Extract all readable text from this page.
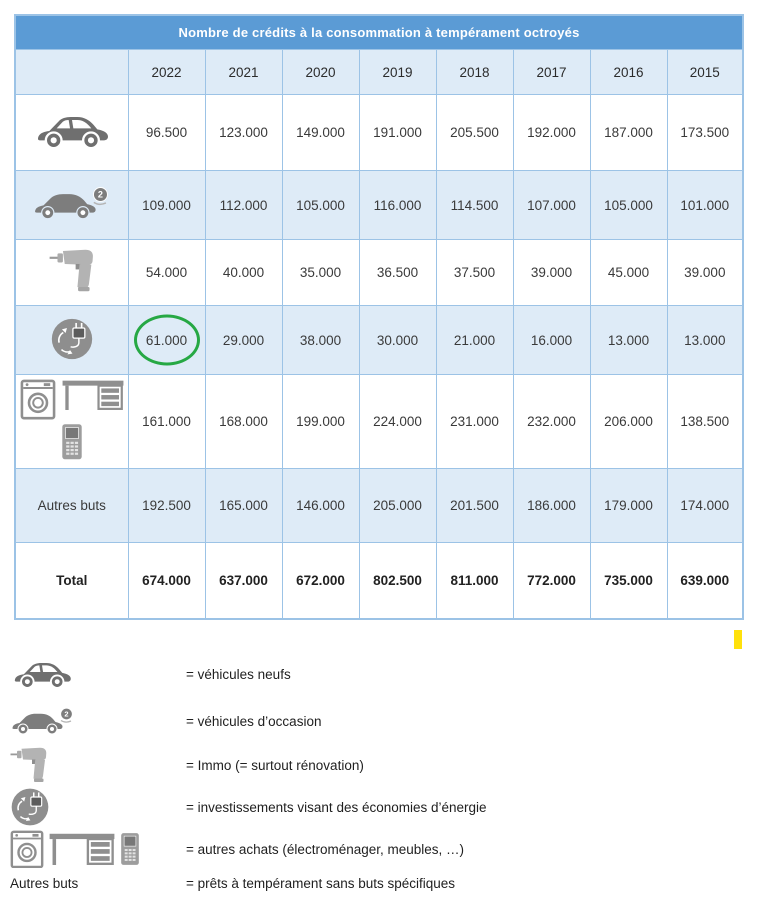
Nombre de crédits à la consommation à tempérament octroyés								
	2022	2021	2020	2019	2018	2017	2016	2015
	96.500	123.000	149.000	191.000	205.500	192.000	187.000	173.500

2	109.000	112.000	105.000	116.000	114.500	107.000	105.000	101.000
	54.000	40.000	35.000	36.500	37.500	39.000	45.000	39.000
	61.000	29.000	38.000	30.000	21.000	16.000	13.000	13.000

	161.000	168.000	199.000	224.000	231.000	232.000	206.000	138.500
Autres buts	192.500	165.000	146.000	205.000	201.500	186.000	179.000	174.000
Total	674.000	637.000	672.000	802.500	811.000	772.000	735.000	639.000
= véhicules neufs
2	= véhicules d’occasion
= Immo (= surtout rénovation)
= investissements visant des économies d’énergie
= autres achats (électroménager, meubles, …)
Autres buts	= prêts à tempérament sans buts spécifiques
